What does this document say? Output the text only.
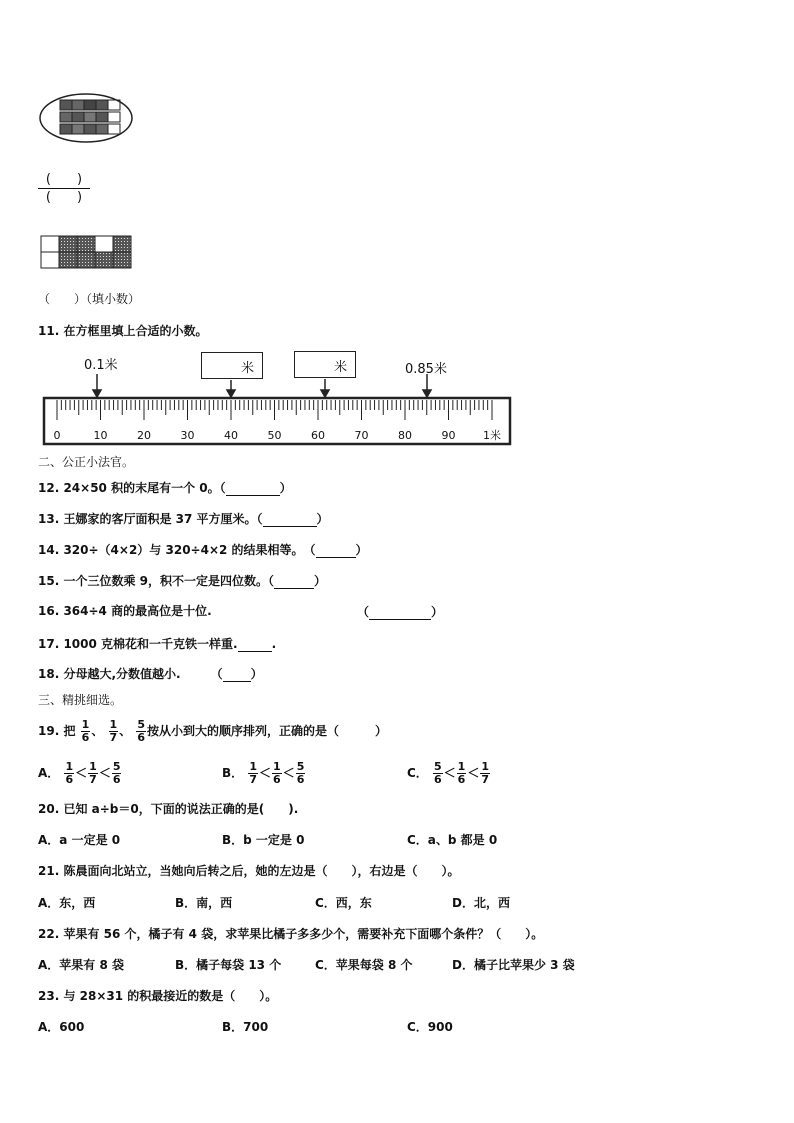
(　　)
(　　)
（　　）（填小数）
11. 在方框里填上合适的小数。
0.1米	0.85米
米	米
0	10	20	30	40	50	60	70	80	90	1米
二、公正小法官。
12. 24×50 积的末尾有一个 0。（	）
13. 王娜家的客厅面积是 37 平方厘米。（	）
14. 320÷（4×2）与 320÷4×2 的结果相等。　（	）
15. 一个三位数乘 9，积不一定是四位数。（	）
16. 364÷4 商的最高位是十位.	（	）
17. 1000 克棉花和一千克铁一样重.	.
18. 分母越大,分数值越小.　　　（ ）
三、精挑细选。
19. 把 $\frac{1}{6}$ 、 $\frac{1}{7}$ 、 $\frac{5}{6}$ 按从小到大的顺序排列，正确的是（　　　）
A． $\frac{1}{6} < \frac{1}{7} < \frac{5}{6}$	B． $\frac{1}{7} < \frac{1}{6} < \frac{5}{6}$	C． $\frac{5}{6} < \frac{1}{6} < \frac{1}{7}$
20. 已知 a÷b＝0，下面的说法正确的是(　　).
A．a 一定是 0	B．b 一定是 0	C．a、b 都是 0
21. 陈晨面向北站立，当她向后转之后，她的左边是（　　），右边是（　　）。
A．东，西	B．南，西	C．西，东	D．北，西
22. 苹果有 56 个，橘子有 4 袋，求苹果比橘子多多少个，需要补充下面哪个条件？（　　）。
A．苹果有 8 袋	B．橘子每袋 13 个	C．苹果每袋 8 个	D．橘子比苹果少 3 袋
23. 与 28×31 的积最接近的数是（　　）。
A．600	B．700	C．900
